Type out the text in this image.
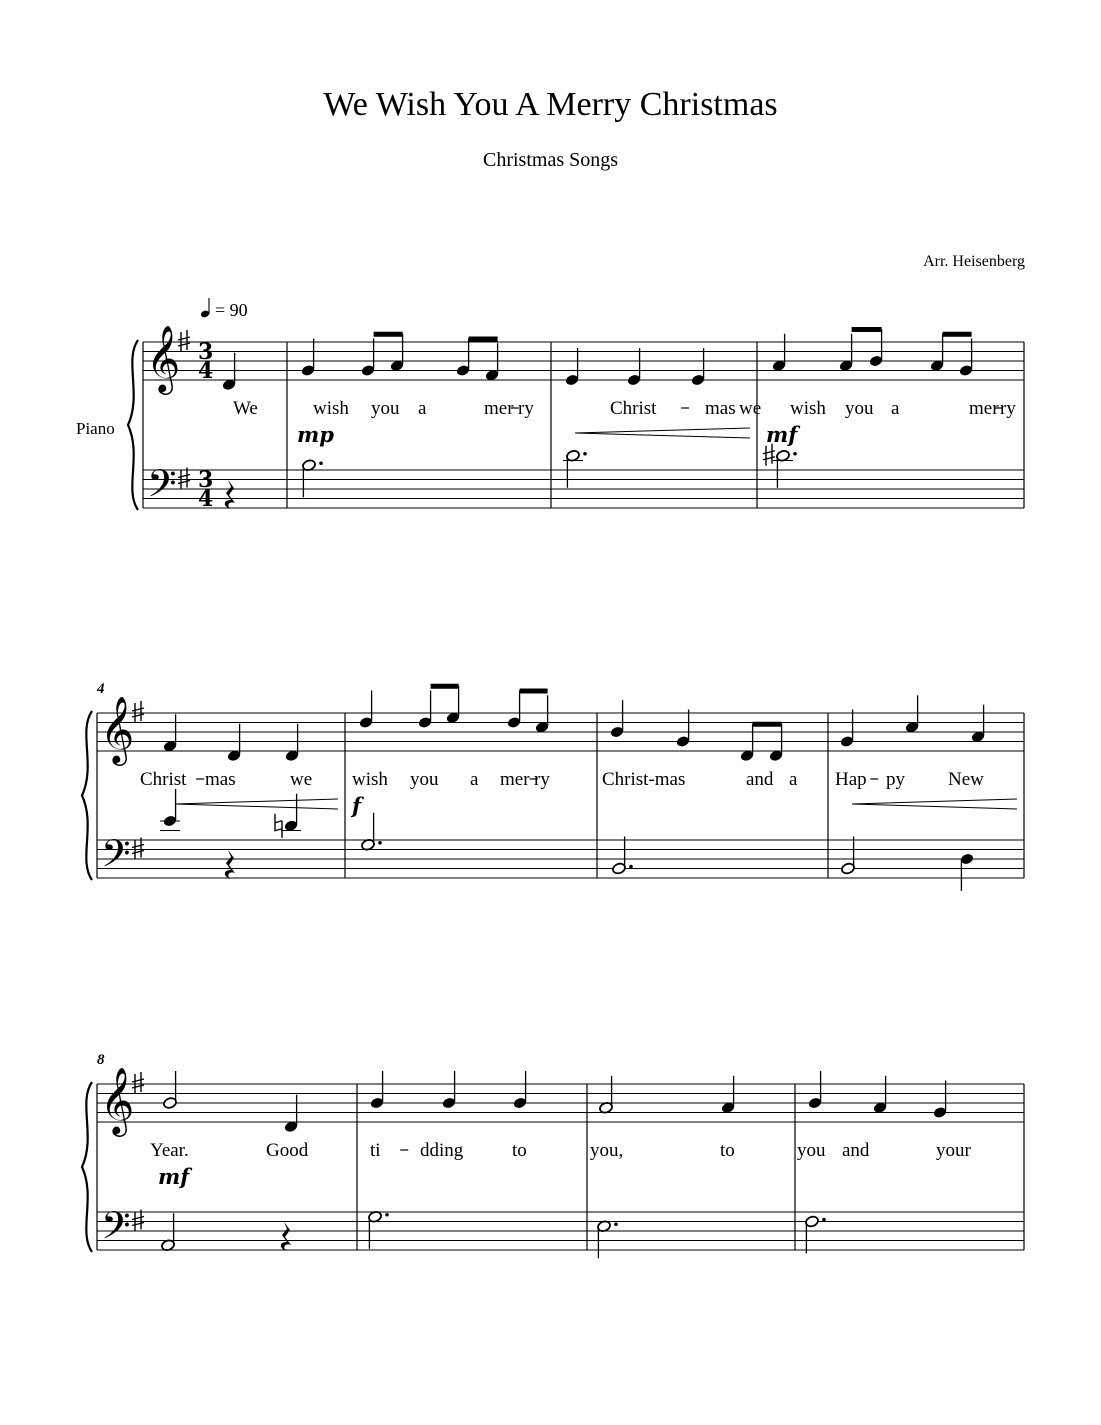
We Wish You A Merry Christmas
Christmas Songs
Arr. Heisenberg
𝄞
𝄢
3
4
3
4
Piano
= 90
We	wish you a	mer ry
mp
Christ	mas we wish you a	mer ry
mf
𝄞
𝄢
4
Christ mas	we wish you a mer ry
f
Christ-mas	and a Hap py New
𝄞
𝄢
8
Year.	Good
mf
ti dding	to	you,	to	you and	your
